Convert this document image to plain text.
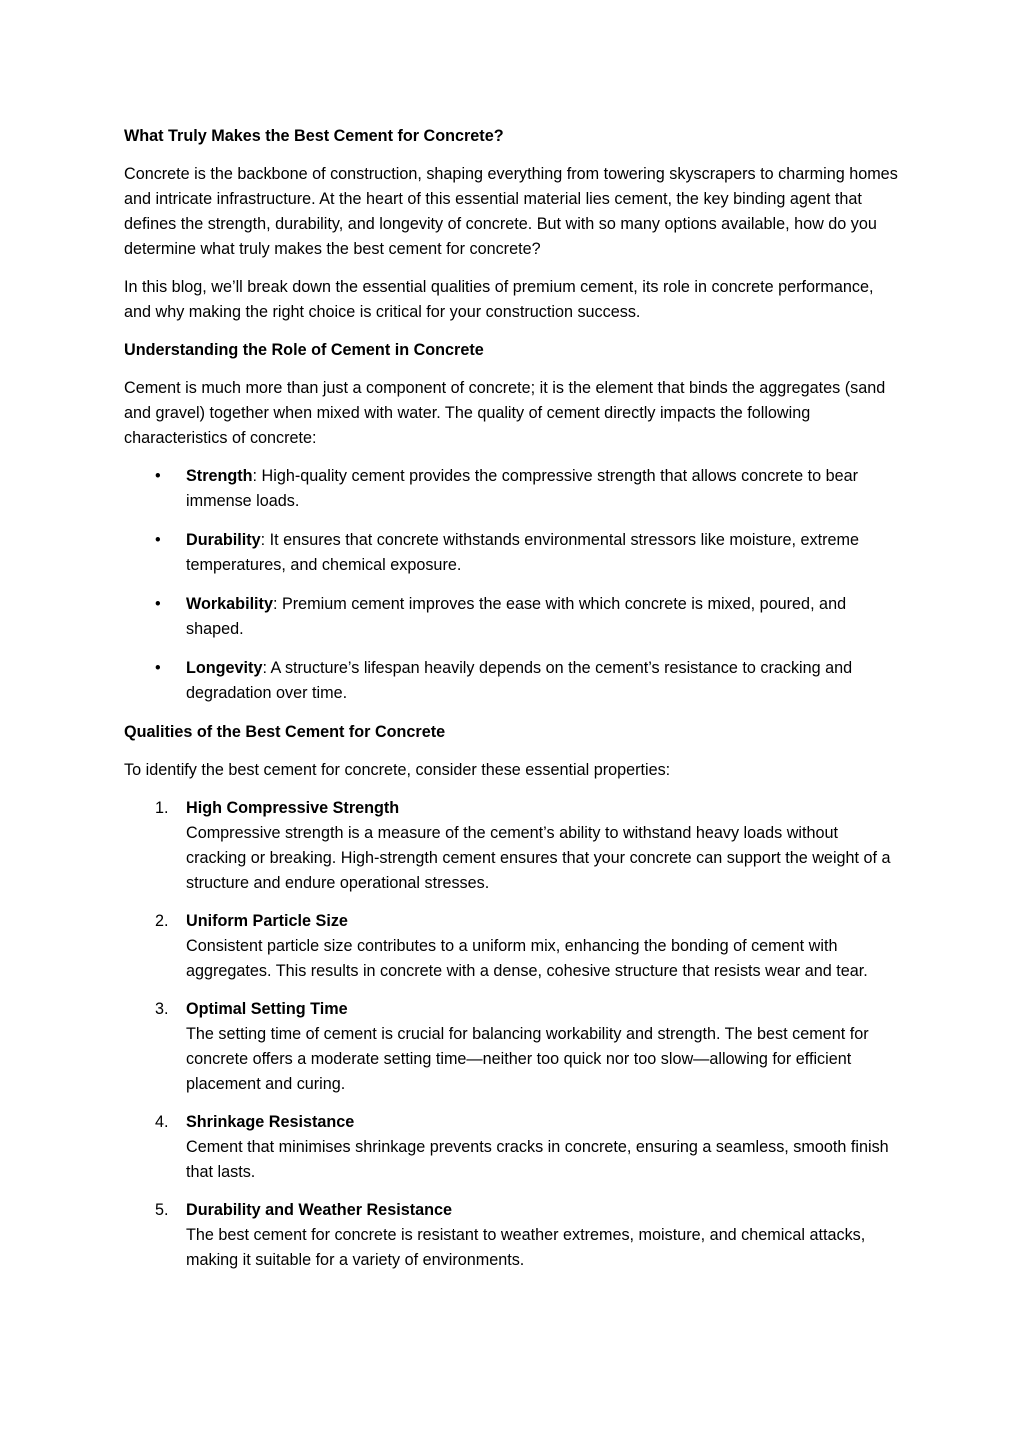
What Truly Makes the Best Cement for Concrete?

Concrete is the backbone of construction, shaping everything from towering skyscrapers to charming homes and intricate infrastructure. At the heart of this essential material lies cement, the key binding agent that defines the strength, durability, and longevity of concrete. But with so many options available, how do you determine what truly makes the best cement for concrete?

In this blog, we’ll break down the essential qualities of premium cement, its role in concrete performance, and why making the right choice is critical for your construction success.

Understanding the Role of Cement in Concrete

Cement is much more than just a component of concrete; it is the element that binds the aggregates (sand and gravel) together when mixed with water. The quality of cement directly impacts the following characteristics of concrete:

• Strength: High-quality cement provides the compressive strength that allows concrete to bear immense loads.
• Durability: It ensures that concrete withstands environmental stressors like moisture, extreme temperatures, and chemical exposure.
• Workability: Premium cement improves the ease with which concrete is mixed, poured, and shaped.
• Longevity: A structure’s lifespan heavily depends on the cement’s resistance to cracking and degradation over time.
Qualities of the Best Cement for Concrete

To identify the best cement for concrete, consider these essential properties:

1. High Compressive Strength
Compressive strength is a measure of the cement’s ability to withstand heavy loads without cracking or breaking. High-strength cement ensures that your concrete can support the weight of a structure and endure operational stresses.
2. Uniform Particle Size
Consistent particle size contributes to a uniform mix, enhancing the bonding of cement with aggregates. This results in concrete with a dense, cohesive structure that resists wear and tear.
3. Optimal Setting Time
The setting time of cement is crucial for balancing workability and strength. The best cement for concrete offers a moderate setting time—neither too quick nor too slow—allowing for efficient placement and curing.
4. Shrinkage Resistance
Cement that minimises shrinkage prevents cracks in concrete, ensuring a seamless, smooth finish that lasts.
5. Durability and Weather Resistance
The best cement for concrete is resistant to weather extremes, moisture, and chemical attacks, making it suitable for a variety of environments.
